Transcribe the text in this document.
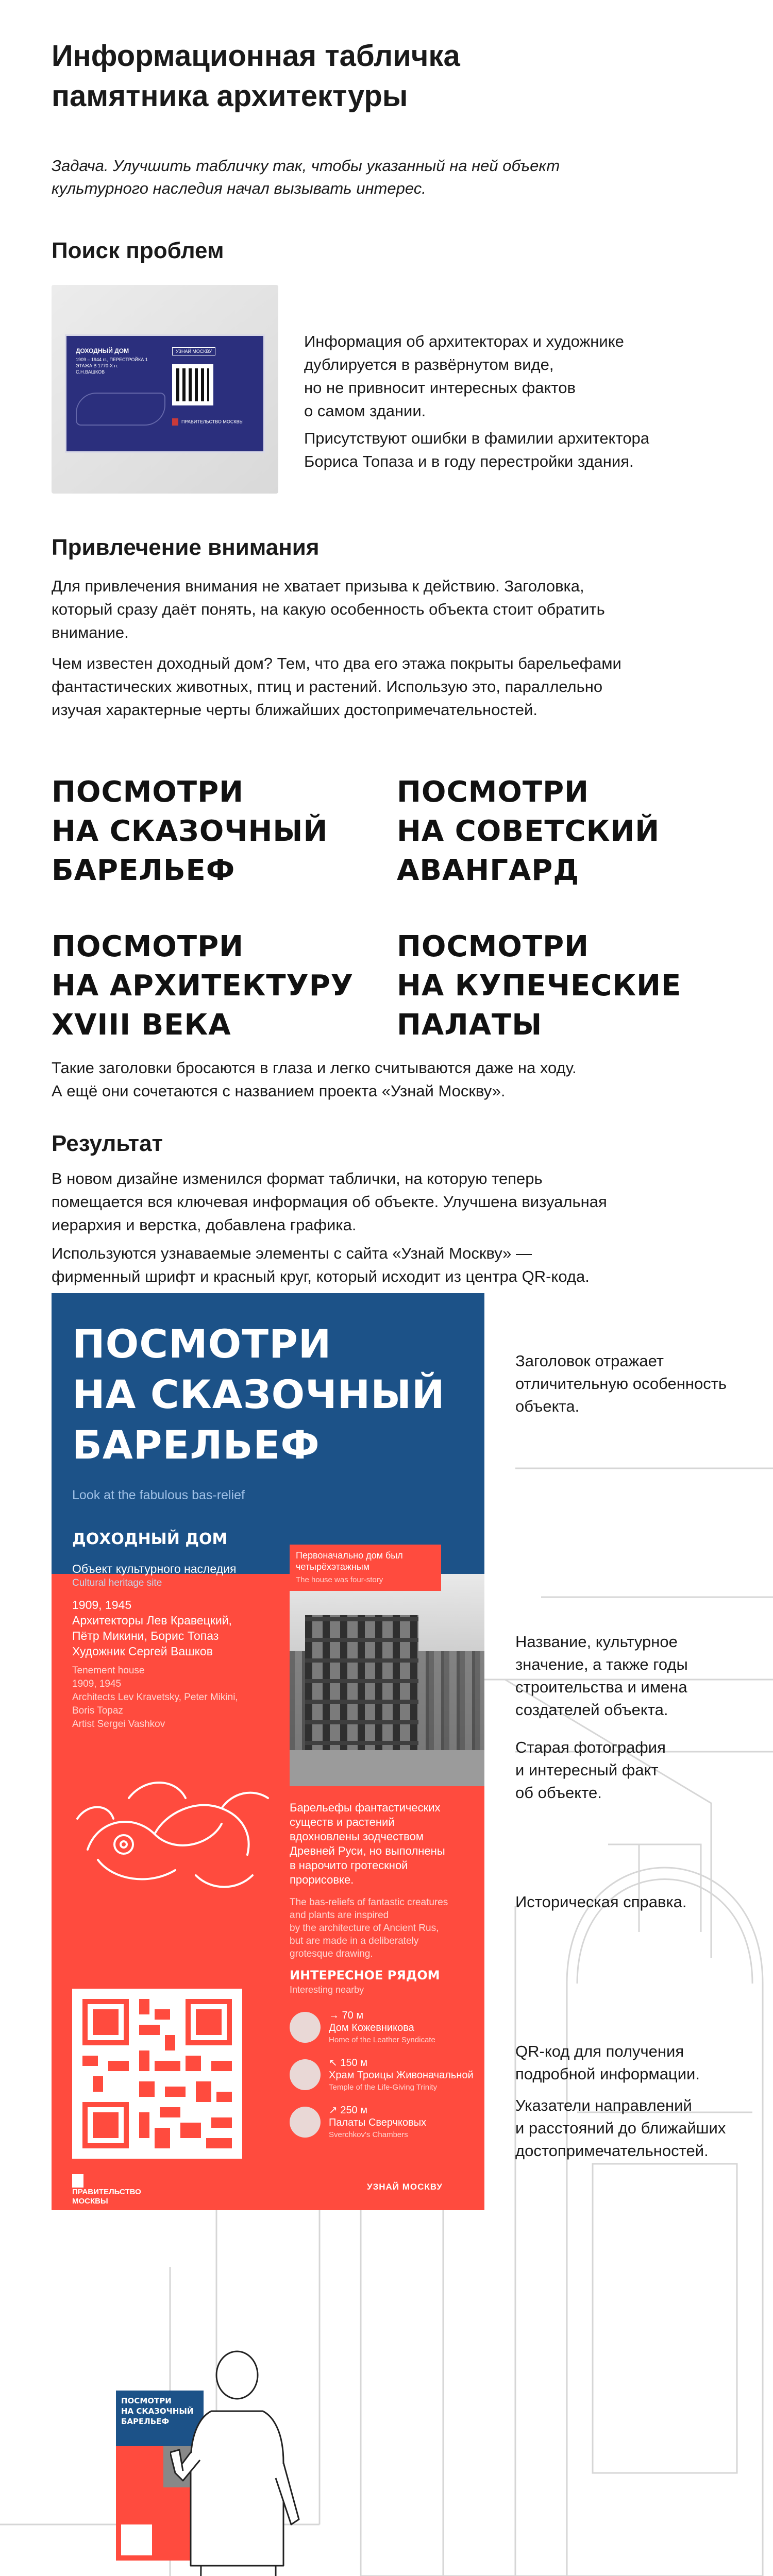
Информационная табличка
памятника архитектуры
Задача. Улучшить табличку так, чтобы указанный на ней объект
культурного наследия начал вызывать интерес.
Поиск проблем
ДОХОДНЫЙ ДОМ
1909 – 1944 гг., ПЕРЕСТРОЙКА 1 ЭТАЖА В 1770-Х гг. С.Н.ВАШКОВ
УЗНАЙ МОСКВУ
ПРАВИТЕЛЬСТВО МОСКВЫ
Информация об архитекторах и художнике
дублируется в развёрнутом виде,
но не привносит интересных фактов
о самом здании.
Присутствуют ошибки в фамилии архитектора
Бориса Топаза и в году перестройки здания.
Привлечение внимания
Для привлечения внимания не хватает призыва к действию. Заголовка,
который сразу даёт понять, на какую особенность объекта стоит обратить
внимание.
Чем известен доходный дом? Тем, что два его этажа покрыты барельефами
фантастических животных, птиц и растений. Использую это, параллельно
изучая характерные черты ближайших достопримечательностей.
ПОСМОТРИ
НА СКАЗОЧНЫЙ
БАРЕЛЬЕФ
ПОСМОТРИ
НА СОВЕТСКИЙ
АВАНГАРД
ПОСМОТРИ
НА АРХИТЕКТУРУ
XVIII ВЕКА
ПОСМОТРИ
НА КУПЕЧЕСКИЕ
ПАЛАТЫ
Такие заголовки бросаются в глаза и легко считываются даже на ходу.
А ещё они сочетаются с названием проекта «Узнай Москву».
Результат
В новом дизайне изменился формат таблички, на которую теперь
помещается вся ключевая информация об объекте. Улучшена визуальная
иерархия и верстка, добавлена графика.
Используются узнаваемые элементы с сайта «Узнай Москву» —
фирменный шрифт и красный круг, который исходит из центра QR-кода.
ПОСМОТРИ
НА СКАЗОЧНЫЙ
БАРЕЛЬЕФ
Look at the fabulous bas-relief
ДОХОДНЫЙ ДОМ
Объект культурного наследия
Cultural heritage site
1909, 1945
Архитекторы Лев Кравецкий,
Пётр Микини, Борис Топаз
Художник Сергей Вашков
Tenement house
1909, 1945
Architects Lev Kravetsky, Peter Mikini,
Boris Topaz
Artist Sergei Vashkov
Первоначально дом был четырёхэтажным
The house was four-story
Барельефы фантастических
существ и растений
вдохновлены зодчеством
Древней Руси, но выполнены
в нарочито гротескной
прорисовке.
The bas-reliefs of fantastic creatures
and plants are inspired
by the architecture of Ancient Rus,
but are made in a deliberately
grotesque drawing.
ИНТЕРЕСНОЕ РЯДОМ
Interesting nearby
→ 70 м
Дом Кожевникова
Home of the Leather Syndicate
↖ 150 м
Храм Троицы Живоначальной
Temple of the Life-Giving Trinity
↗ 250 м
Палаты Сверчковых
Sverchkov's Chambers
ПРАВИТЕЛЬСТВО МОСКВЫ
УЗНАЙ МОСКВУ
Заголовок отражает
отличительную особенность
объекта.
Название, культурное
значение, а также годы
строительства и имена
создателей объекта.
Старая фотография
и интересный факт
об объекте.
Историческая справка.
QR-код для получения
подробной информации.
Указатели направлений
и расстояний до ближайших
достопримечательностей.
ПОСМОТРИ
НА СКАЗОЧНЫЙ
БАРЕЛЬЕФ
